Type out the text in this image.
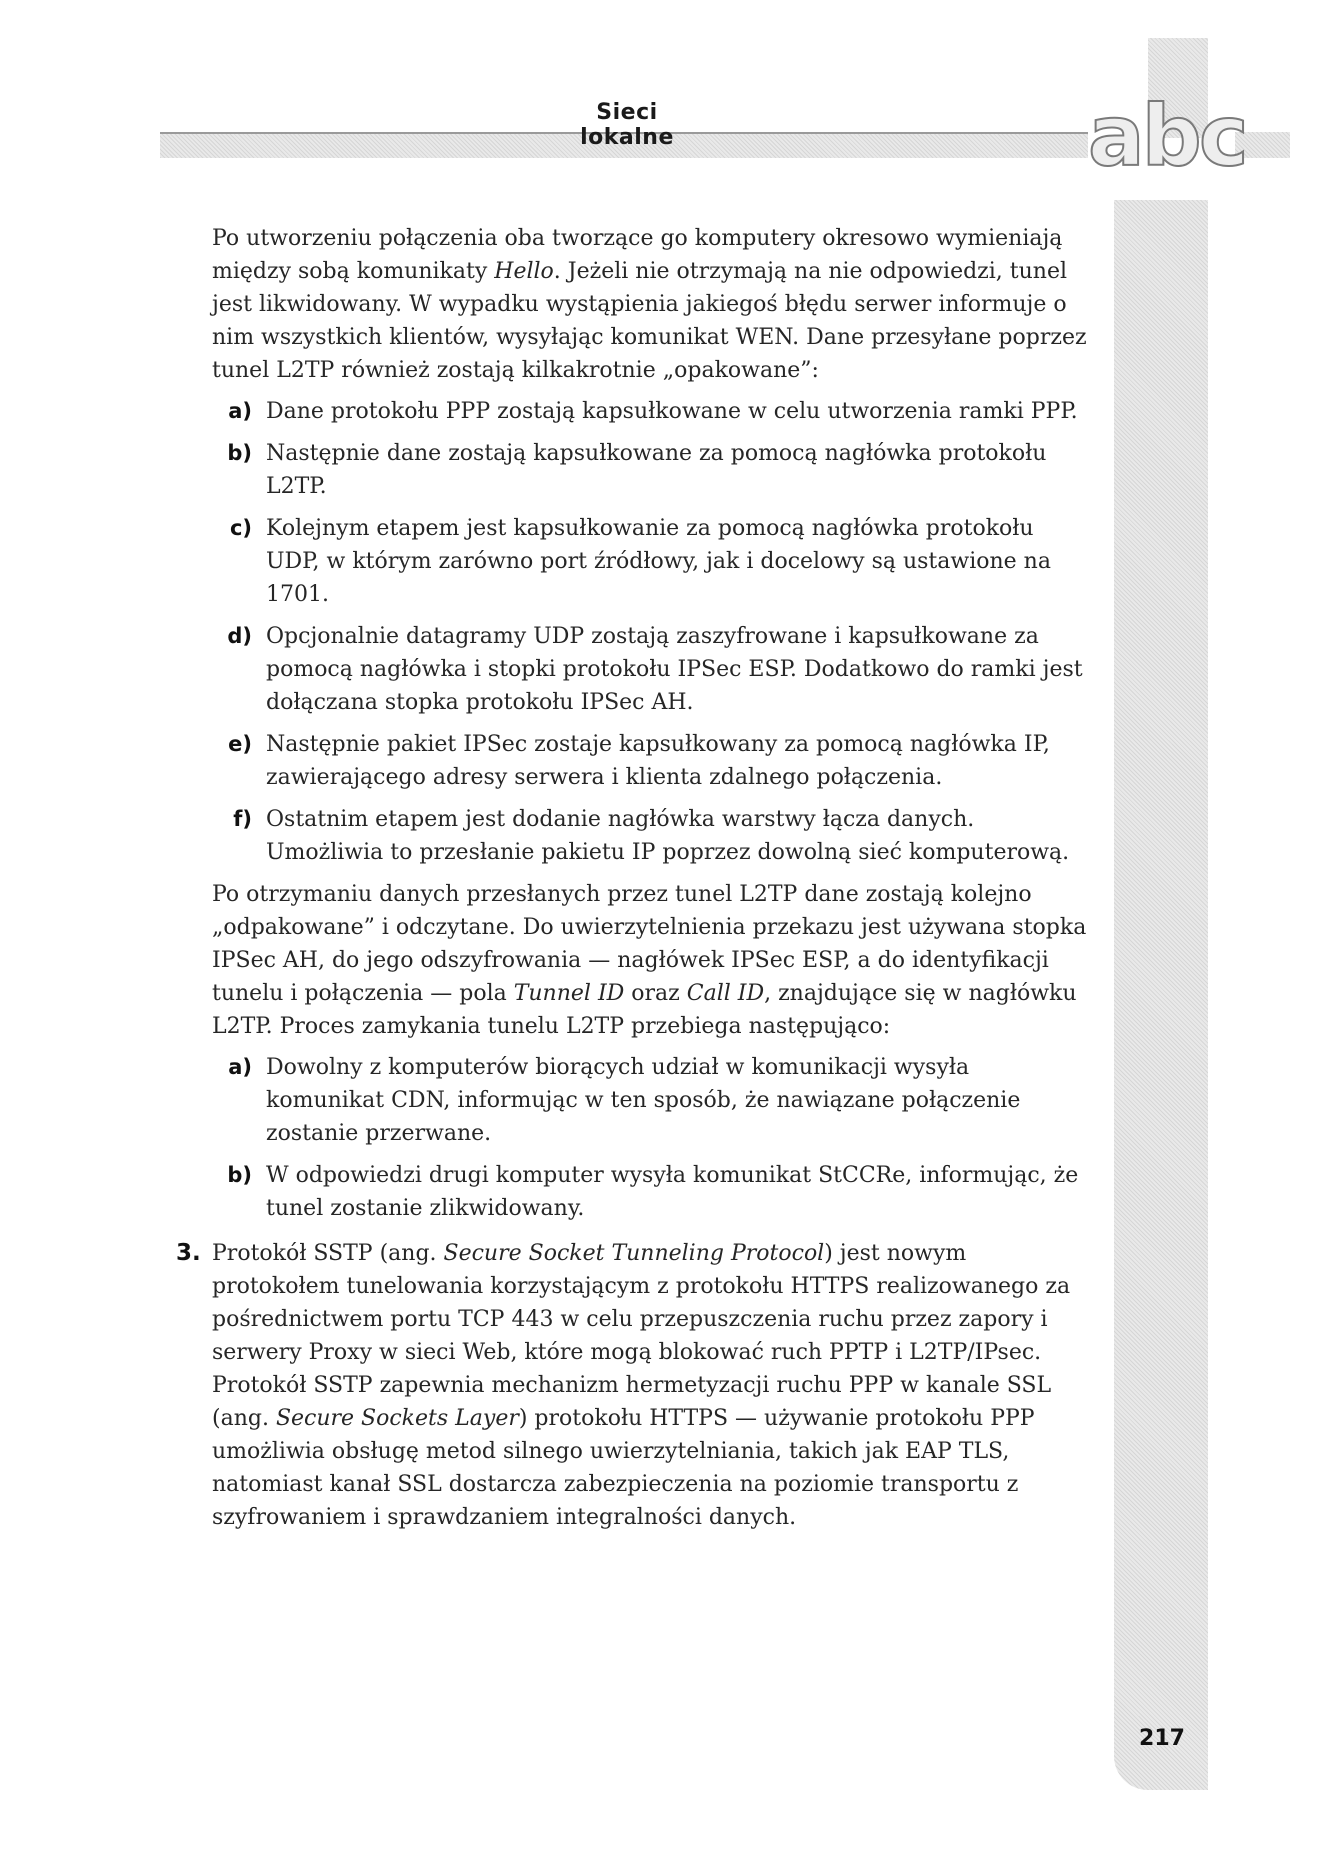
abc
Sieci lokalne

Po utworzeniu połączenia oba tworzące go komputery okresowo wymieniają między sobą komunikaty Hello. Jeżeli nie otrzymają na nie odpowiedzi, tunel jest likwidowany. W wypadku wystąpienia jakiegoś błędu serwer informuje o nim wszystkich klientów, wysyłając komunikat WEN. Dane przesyłane poprzez tunel L2TP również zostają kilkakrotnie „opakowane”:

a) Dane protokołu PPP zostają kapsułkowane w celu utworzenia ramki PPP.
b) Następnie dane zostają kapsułkowane za pomocą nagłówka protokołu L2TP.
c) Kolejnym etapem jest kapsułkowanie za pomocą nagłówka protokołu UDP, w którym zarówno port źródłowy, jak i docelowy są ustawione na 1701.
d) Opcjonalnie datagramy UDP zostają zaszyfrowane i kapsułkowane za pomocą nagłówka i stopki protokołu IPSec ESP. Dodatkowo do ramki jest dołączana stopka protokołu IPSec AH.
e) Następnie pakiet IPSec zostaje kapsułkowany za pomocą nagłówka IP, zawierającego adresy serwera i klienta zdalnego połączenia.
f) Ostatnim etapem jest dodanie nagłówka warstwy łącza danych. Umożliwia to przesłanie pakietu IP poprzez dowolną sieć komputerową.

Po otrzymaniu danych przesłanych przez tunel L2TP dane zostają kolejno „odpakowane” i odczytane. Do uwierzytelnienia przekazu jest używana stopka IPSec AH, do jego odszyfrowania — nagłówek IPSec ESP, a do identyfikacji tunelu i połączenia — pola Tunnel ID oraz Call ID, znajdujące się w nagłówku L2TP. Proces zamykania tunelu L2TP przebiega następująco:

a) Dowolny z komputerów biorących udział w komunikacji wysyła komunikat CDN, informując w ten sposób, że nawiązane połączenie zostanie przerwane.
b) W odpowiedzi drugi komputer wysyła komunikat StCCRe, informując, że tunel zostanie zlikwidowany.
3. Protokół SSTP (ang. Secure Socket Tunneling Protocol) jest nowym protokołem tunelowania korzystającym z protokołu HTTPS realizowanego za pośrednictwem portu TCP 443 w celu przepuszczenia ruchu przez zapory i serwery Proxy w sieci Web, które mogą blokować ruch PPTP i L2TP/IPsec. Protokół SSTP zapewnia mechanizm hermetyzacji ruchu PPP w kanale SSL (ang. Secure Sockets Layer) protokołu HTTPS — używanie protokołu PPP umożliwia obsługę metod silnego uwierzytelniania, takich jak EAP TLS, natomiast kanał SSL dostarcza zabezpieczenia na poziomie transportu z szyfrowaniem i sprawdzaniem integralności danych.
217
